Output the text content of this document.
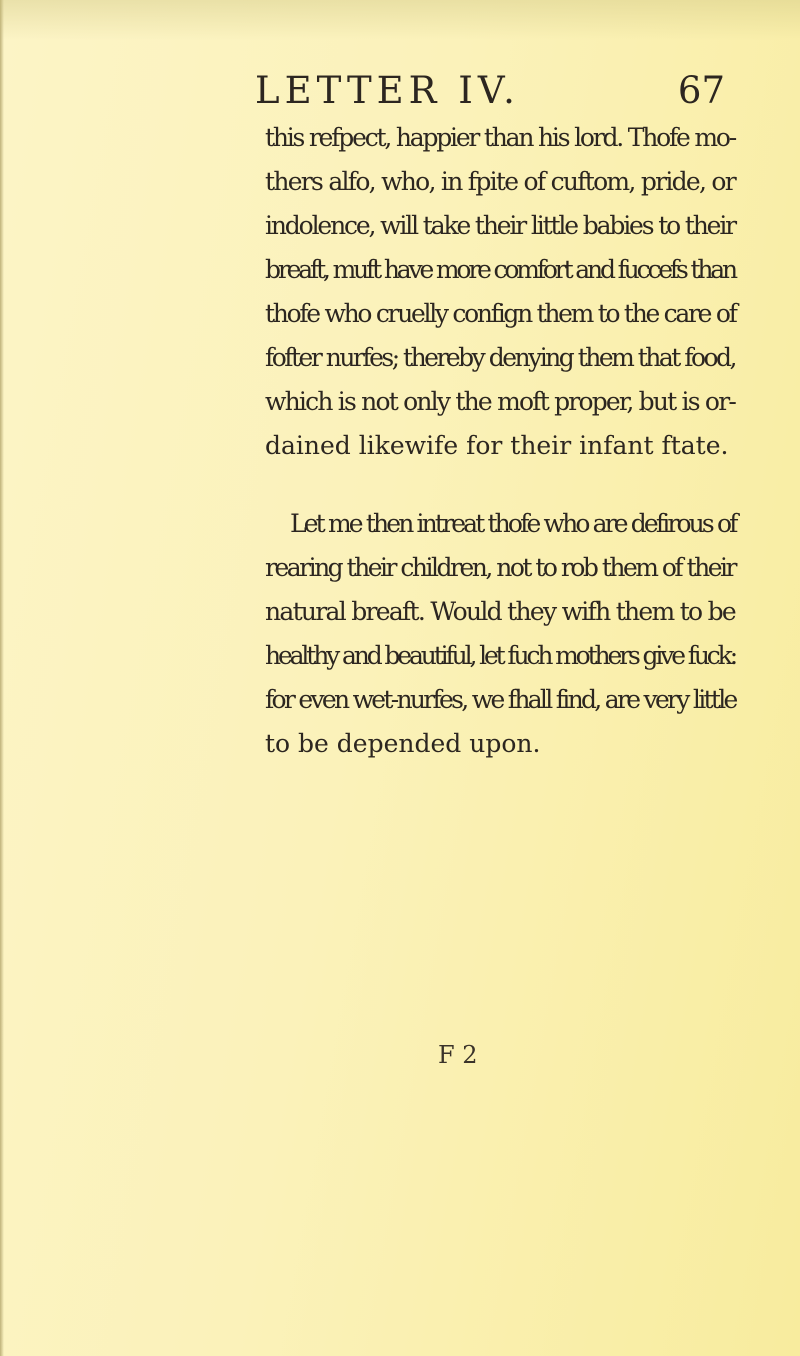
LETTER IV.	67
this refpect, happier than his lord. Thofe mo-
thers alfo, who, in fpite of cuftom, pride, or
indolence, will take their little babies to their
breaft, muft have more comfort and fuccefs than
thofe who cruelly confign them to the care of
fofter nurfes; thereby denying them that food,
which is not only the moft proper, but is or-
dained likewife for their infant ftate.
Let me then intreat thofe who are defirous of
rearing their children, not to rob them of their
natural breaft. Would they wifh them to be
healthy and beautiful, let fuch mothers give fuck:
for even wet-nurfes, we fhall find, are very little
to be depended upon.
F 2
